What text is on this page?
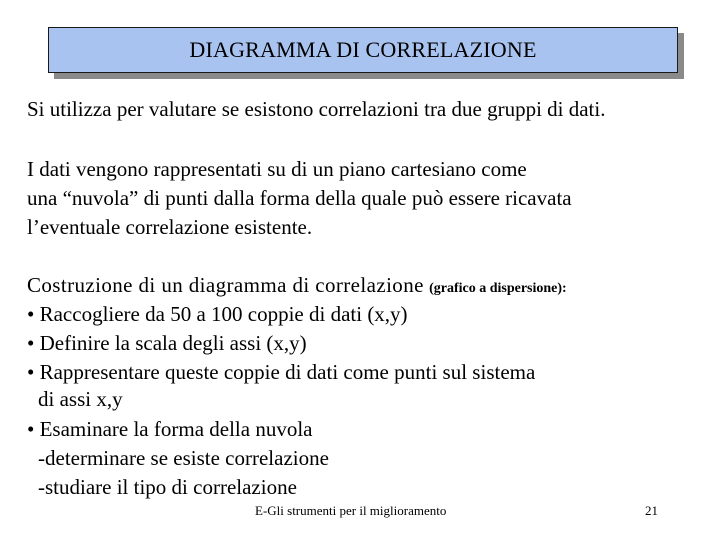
DIAGRAMMA DI CORRELAZIONE
Si utilizza per valutare se esistono correlazioni tra due gruppi di dati.
I dati vengono rappresentati su di un piano cartesiano come
una “nuvola” di punti dalla forma della quale può essere ricavata
l’eventuale correlazione esistente.
Costruzione di un diagramma di correlazione (grafico a dispersione):
• Raccogliere da 50 a 100 coppie di dati (x,y)
• Definire la scala degli assi (x,y)
• Rappresentare queste coppie di dati come punti sul sistema
di assi x,y
• Esaminare la forma della nuvola
-determinare se esiste correlazione
-studiare il tipo di correlazione
E-Gli strumenti per il miglioramento	21
